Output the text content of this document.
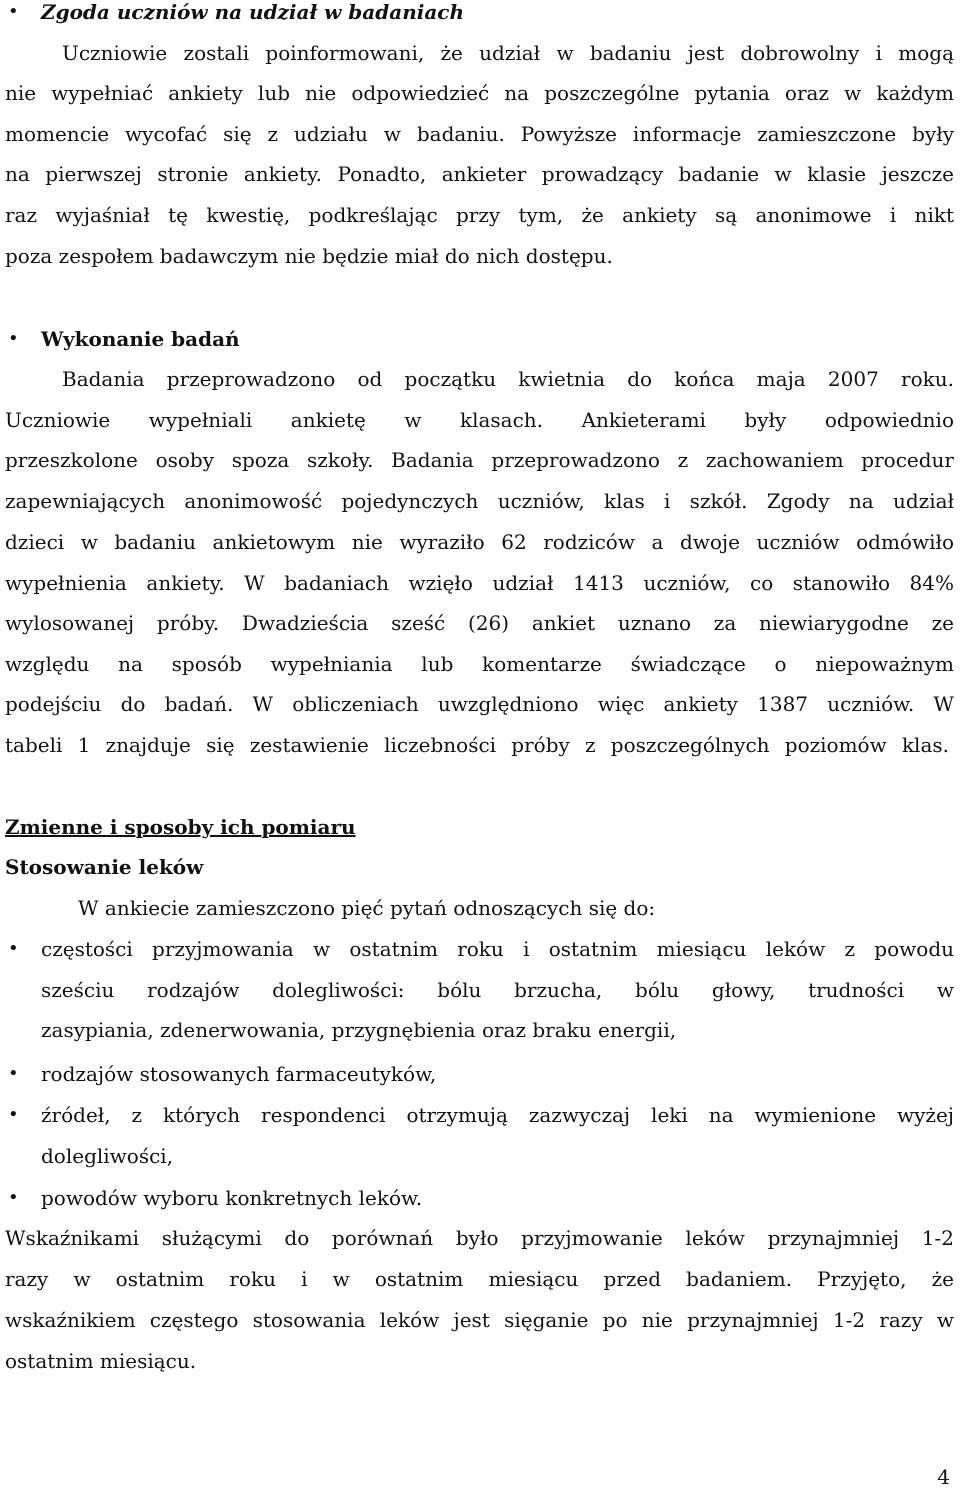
• Zgoda uczniów na udział w badaniach
Uczniowie zostali poinformowani, że udział w badaniu jest dobrowolny i mogą
nie wypełniać ankiety lub nie odpowiedzieć na poszczególne pytania oraz w każdym
momencie wycofać się z udziału w badaniu. Powyższe informacje zamieszczone były
na pierwszej stronie ankiety. Ponadto, ankieter prowadzący badanie w klasie jeszcze
raz wyjaśniał tę kwestię, podkreślając przy tym, że ankiety są anonimowe i nikt
poza zespołem badawczym nie będzie miał do nich dostępu.
• Wykonanie badań
Badania przeprowadzono od początku kwietnia do końca maja 2007 roku.
Uczniowie wypełniali ankietę w klasach. Ankieterami były odpowiednio
przeszkolone osoby spoza szkoły. Badania przeprowadzono z zachowaniem procedur
zapewniających anonimowość pojedynczych uczniów, klas i szkół. Zgody na udział
dzieci w badaniu ankietowym nie wyraziło 62 rodziców a dwoje uczniów odmówiło
wypełnienia ankiety. W badaniach wzięło udział 1413 uczniów, co stanowiło 84%
wylosowanej próby. Dwadzieścia sześć (26) ankiet uznano za niewiarygodne ze
względu na sposób wypełniania lub komentarze świadczące o niepoważnym
podejściu do badań. W obliczeniach uwzględniono więc ankiety 1387 uczniów. W
tabeli 1 znajduje się zestawienie liczebności próby z poszczególnych poziomów klas.
Zmienne i sposoby ich pomiaru
Stosowanie leków
W ankiecie zamieszczono pięć pytań odnoszących się do:
• częstości przyjmowania w ostatnim roku i ostatnim miesiącu leków z powodu
sześciu rodzajów dolegliwości: bólu brzucha, bólu głowy, trudności w
zasypiania, zdenerwowania, przygnębienia oraz braku energii,
• rodzajów stosowanych farmaceutyków,
• źródeł, z których respondenci otrzymują zazwyczaj leki na wymienione wyżej
dolegliwości,
• powodów wyboru konkretnych leków.
Wskaźnikami służącymi do porównań było przyjmowanie leków przynajmniej 1-2
razy w ostatnim roku i w ostatnim miesiącu przed badaniem. Przyjęto, że
wskaźnikiem częstego stosowania leków jest sięganie po nie przynajmniej 1-2 razy w
ostatnim miesiącu.
4
